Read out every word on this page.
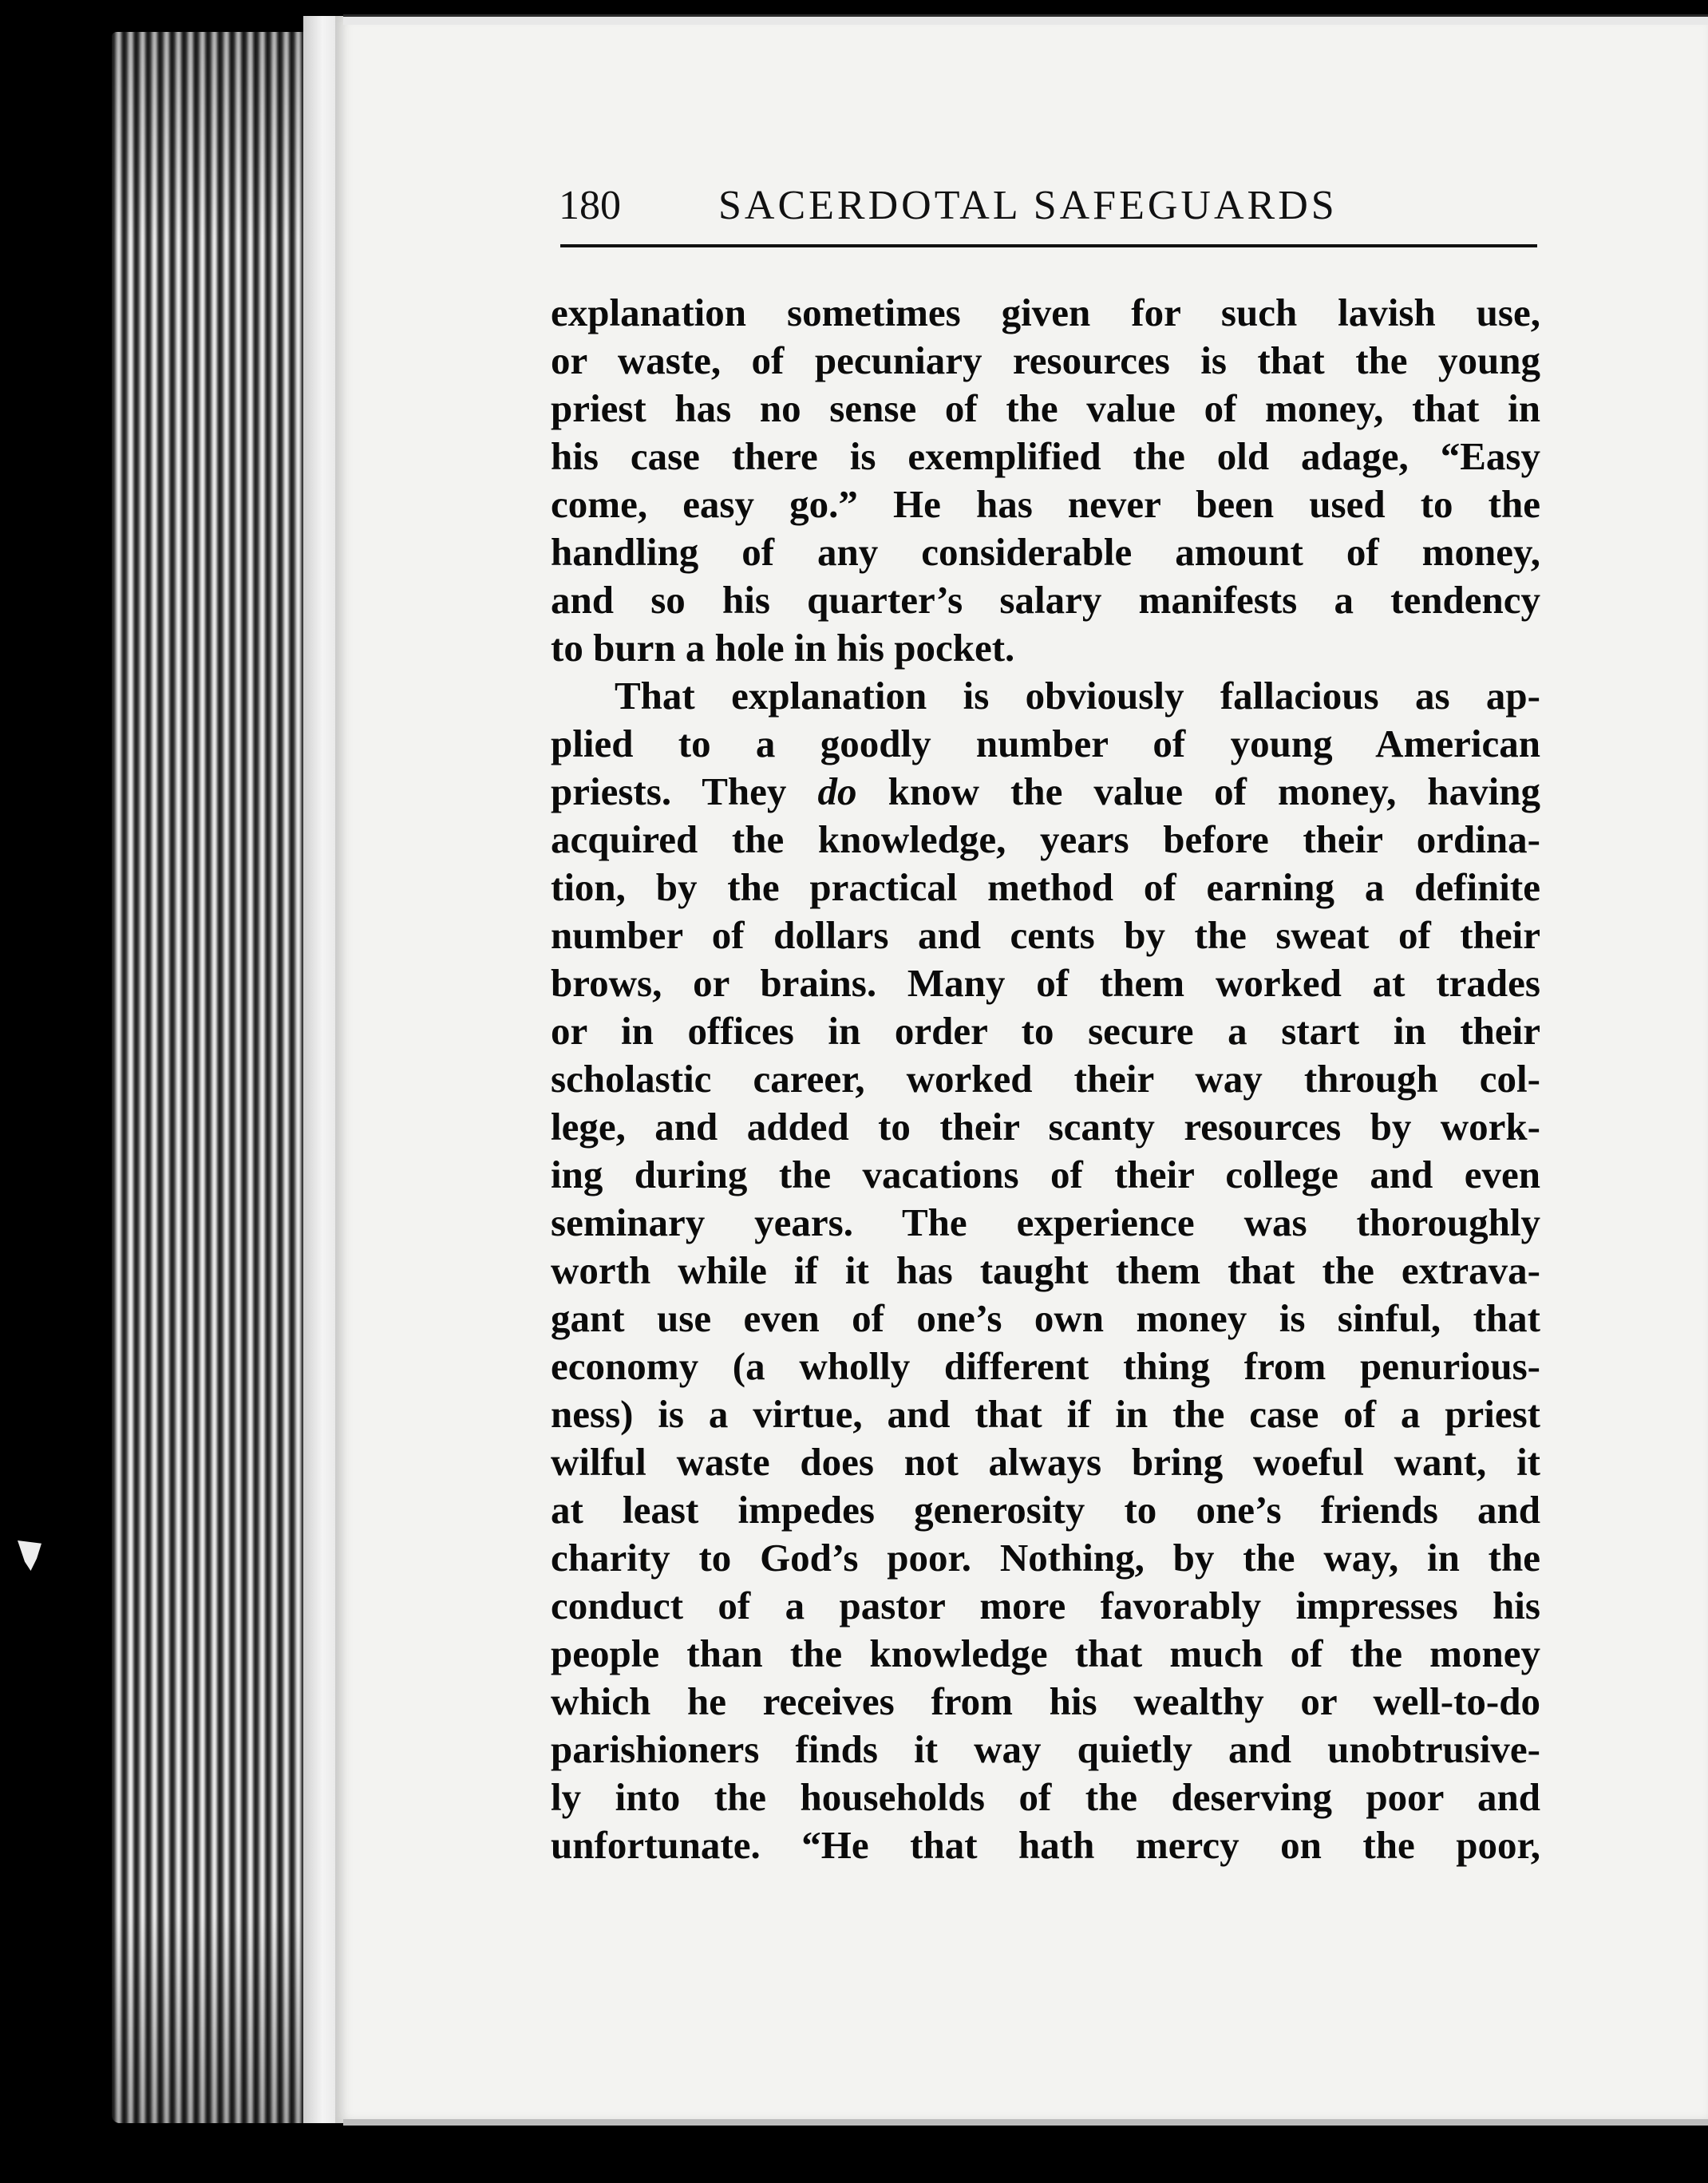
180	SACERDOTAL SAFEGUARDS
explanation sometimes given for such lavish use,
or waste, of pecuniary resources is that the young
priest has no sense of the value of money, that in
his case there is exemplified the old adage, “Easy
come, easy go.” He has never been used to the
handling of any considerable amount of money,
and so his quarter’s salary manifests a tendency
to burn a hole in his pocket.
That explanation is obviously fallacious as ap-
plied to a goodly number of young American
priests. They do know the value of money, having
acquired the knowledge, years before their ordina-
tion, by the practical method of earning a definite
number of dollars and cents by the sweat of their
brows, or brains. Many of them worked at trades
or in offices in order to secure a start in their
scholastic career, worked their way through col-
lege, and added to their scanty resources by work-
ing during the vacations of their college and even
seminary years. The experience was thoroughly
worth while if it has taught them that the extrava-
gant use even of one’s own money is sinful, that
economy (a wholly different thing from penurious-
ness) is a virtue, and that if in the case of a priest
wilful waste does not always bring woeful want, it
at least impedes generosity to one’s friends and
charity to God’s poor. Nothing, by the way, in the
conduct of a pastor more favorably impresses his
people than the knowledge that much of the money
which he receives from his wealthy or well-to-do
parishioners finds it way quietly and unobtrusive-
ly into the households of the deserving poor and
unfortunate. “He that hath mercy on the poor,
